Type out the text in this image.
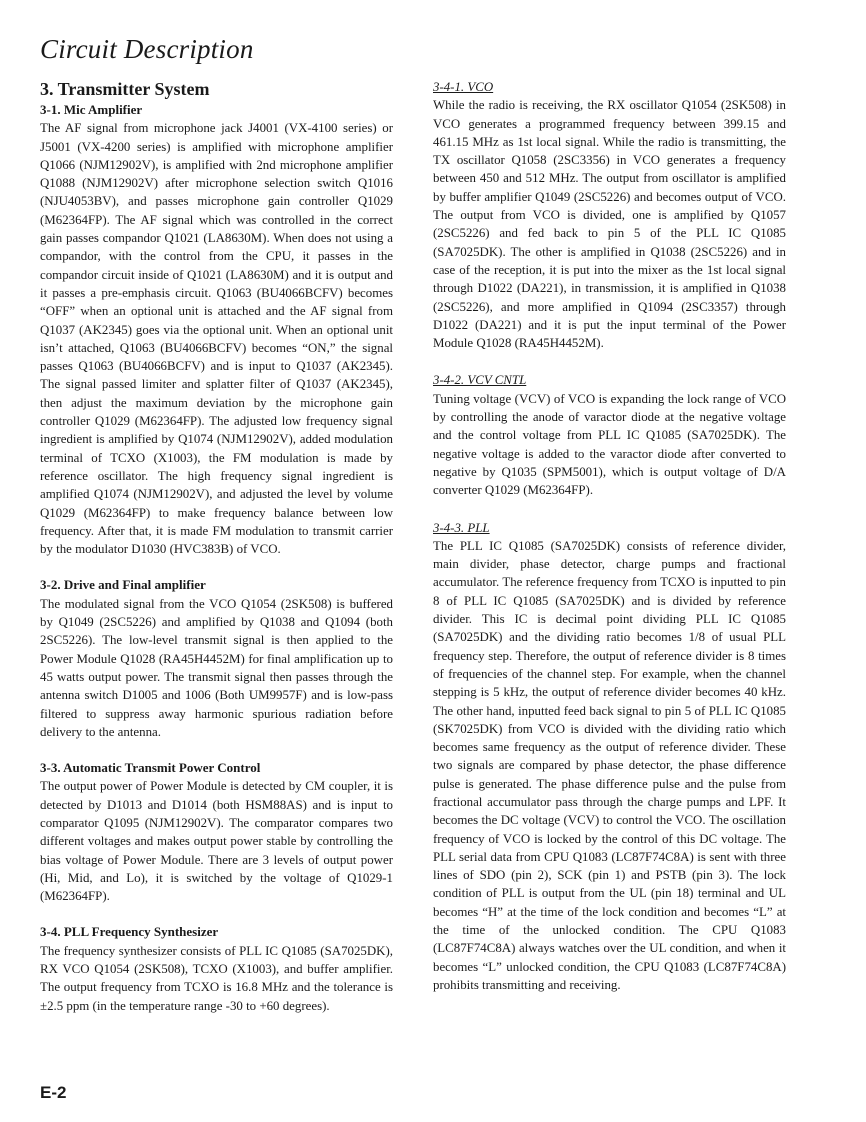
Circuit Description
3. Transmitter System
3-1. Mic Amplifier

The AF signal from microphone jack J4001 (VX-4100 series) or J5001 (VX-4200 series) is amplified with microphone amplifier Q1066 (NJM12902V), is amplified with 2nd microphone amplifier Q1088 (NJM12902V) after microphone selection switch Q1016 (NJU4053BV), and passes microphone gain controller Q1029 (M62364FP). The AF signal which was controlled in the correct gain passes compandor Q1021 (LA8630M). When does not using a compandor, with the control from the CPU, it passes in the compandor circuit inside of Q1021 (LA8630M) and it is output and it passes a pre-emphasis circuit. Q1063 (BU4066BCFV) becomes “OFF” when an optional unit is attached and the AF signal from Q1037 (AK2345) goes via the optional unit. When an optional unit isn’t attached, Q1063 (BU4066BCFV) becomes “ON,” the signal passes Q1063 (BU4066BCFV) and is input to Q1037 (AK2345). The signal passed limiter and splatter filter of Q1037 (AK2345), then adjust the maximum deviation by the microphone gain controller Q1029 (M62364FP). The adjusted low frequency signal ingredient is amplified by Q1074 (NJM12902V), added modulation terminal of TCXO (X1003), the FM modulation is made by reference oscillator. The high frequency signal ingredient is amplified Q1074 (NJM12902V), and adjusted the level by volume Q1029 (M62364FP) to make frequency balance between low frequency. After that, it is made FM modulation to transmit carrier by the modulator D1030 (HVC383B) of VCO.

3-2. Drive and Final amplifier

The modulated signal from the VCO Q1054 (2SK508) is buffered by Q1049 (2SC5226) and amplified by Q1038 and Q1094 (both 2SC5226). The low-level transmit signal is then applied to the Power Module Q1028 (RA45H4452M) for final amplification up to 45 watts output power. The transmit signal then passes through the antenna switch D1005 and 1006 (Both UM9957F) and is low-pass filtered to suppress away harmonic spurious radiation before delivery to the antenna.

3-3. Automatic Transmit Power Control

The output power of Power Module is detected by CM coupler, it is detected by D1013 and D1014 (both HSM88AS) and is input to comparator Q1095 (NJM12902V). The comparator compares two different voltages and makes output power stable by controlling the bias voltage of Power Module. There are 3 levels of output power (Hi, Mid, and Lo), it is switched by the voltage of Q1029-1 (M62364FP).

3-4. PLL Frequency Synthesizer

The frequency synthesizer consists of PLL IC Q1085 (SA7025DK), RX VCO Q1054 (2SK508), TCXO (X1003), and buffer amplifier. The output frequency from TCXO is 16.8 MHz and the tolerance is ±2.5 ppm (in the temperature range -30 to +60 degrees).

3-4-1. VCO

While the radio is receiving, the RX oscillator Q1054 (2SK508) in VCO generates a programmed frequency between 399.15 and 461.15 MHz as 1st local signal. While the radio is transmitting, the TX oscillator Q1058 (2SC3356) in VCO generates a frequency between 450 and 512 MHz. The output from oscillator is amplified by buffer amplifier Q1049 (2SC5226) and becomes output of VCO. The output from VCO is divided, one is amplified by Q1057 (2SC5226) and fed back to pin 5 of the PLL IC Q1085 (SA7025DK). The other is amplified in Q1038 (2SC5226) and in case of the reception, it is put into the mixer as the 1st local signal through D1022 (DA221), in transmission, it is amplified in Q1038 (2SC5226), and more amplified in Q1094 (2SC3357) through D1022 (DA221) and it is put the input terminal of the Power Module Q1028 (RA45H4452M).

3-4-2. VCV CNTL

Tuning voltage (VCV) of VCO is expanding the lock range of VCO by controlling the anode of varactor diode at the negative voltage and the control voltage from PLL IC Q1085 (SA7025DK). The negative voltage is added to the varactor diode after converted to negative by Q1035 (SPM5001), which is output voltage of D/A converter Q1029 (M62364FP).

3-4-3. PLL

The PLL IC Q1085 (SA7025DK) consists of reference divider, main divider, phase detector, charge pumps and fractional accumulator. The reference frequency from TCXO is inputted to pin 8 of PLL IC Q1085 (SA7025DK) and is divided by reference divider. This IC is decimal point dividing PLL IC Q1085 (SA7025DK) and the dividing ratio becomes 1/8 of usual PLL frequency step. Therefore, the output of reference divider is 8 times of frequencies of the channel step. For example, when the channel stepping is 5 kHz, the output of reference divider becomes 40 kHz. The other hand, inputted feed back signal to pin 5 of PLL IC Q1085 (SK7025DK) from VCO is divided with the dividing ratio which becomes same frequency as the output of reference divider. These two signals are compared by phase detector, the phase difference pulse is generated. The phase difference pulse and the pulse from fractional accumulator pass through the charge pumps and LPF. It becomes the DC voltage (VCV) to control the VCO. The oscillation frequency of VCO is locked by the control of this DC voltage. The PLL serial data from CPU Q1083 (LC87F74C8A) is sent with three lines of SDO (pin 2), SCK (pin 1) and PSTB (pin 3). The lock condition of PLL is output from the UL (pin 18) terminal and UL becomes “H” at the time of the lock condition and becomes “L” at the time of the unlocked condition. The CPU Q1083 (LC87F74C8A) always watches over the UL condition, and when it becomes “L” unlocked condition, the CPU Q1083 (LC87F74C8A) prohibits transmitting and receiving.

E-2
